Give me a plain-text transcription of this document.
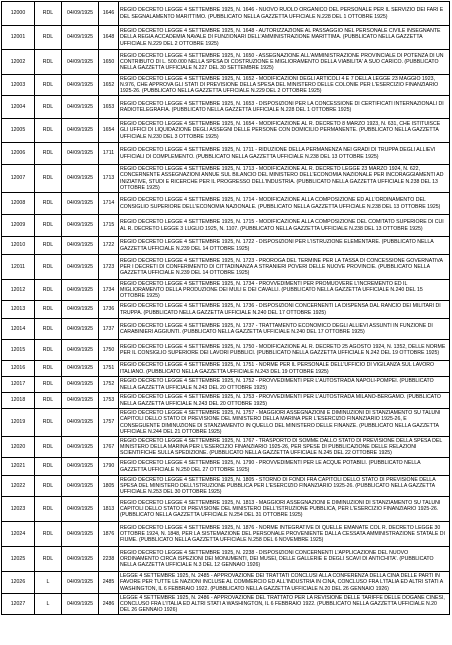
12000	RDL	04/09/1925	1646	REGIO DECRETO LEGGE 4 SETTEMBRE 1925, N. 1646 - NUOVO RUOLO ORGANICO DEL PERSONALE PER IL SERVIZIO DEI FARI E DEL SEGNALAMENTO MARITTIMO. (PUBBLICATO NELLA GAZZETTA UFFICIALE N.228 DEL 1 OTTOBRE 1925)
12001	RDL	04/09/1925	1648	REGIO DECRETO LEGGE 4 SETTEMBRE 1925, N. 1648 - AUTORIZZAZIONE AL PASSAGGIO NEL PERSONALE CIVILE INSEGNANTE DELLA REGIA ACCADEMIA NAVALE DI FUNZIONARI DELL'AMMINISTRAZIONE MARITTIMA. (PUBBLICATO NELLA GAZZETTA UFFICIALE N.229 DEL 2 OTTOBRE 1925)
12002	RDL	04/09/1925	1650	REGIO DECRETO LEGGE 4 SETTEMBRE 1925, N. 1650 - ASSEGNAZIONE ALL'AMMINISTRAZIONE PROVINCIALE DI POTENZA DI UN CONTRIBUTO DI L. 500.000 NELLA SPESA DI COSTRUZIONE E MIGLIORAMENTO DELLA VIABILITA' A SUO CARICO. (PUBBLICATO NELLA GAZZETTA UFFICIALE N.227 DEL 30 SETTEMBRE 1925)
12003	RDL	04/09/1925	1652	REGIO DECRETO LEGGE 4 SETTEMBRE 1925, N. 1652 - MODIFICAZIONI DEGLI ARTICOLI 4 E 7 DELLA LEGGE 23 MAGGIO 1923, N.976, CHE APPROVA GLI STATI DI PREVISIONE DELLA SPESA DEL MINISTERO DELLE COLONIE PER L'ESERCIZIO FINANZIARIO 1925-26. (PUBBLICATO NELLA GAZZETTA UFFICIALE N.229 DEL 2 OTTOBRE 1925)
12004	RDL	04/09/1925	1653	REGIO DECRETO LEGGE 4 SETTEMBRE 1925, N. 1653 - DISPOSIZIONI PER LA CONCESSIONE DI CERTIFICATI INTERNAZIONALI DI RADIOTELEGRAFIA. (PUBBLICATO NELLA GAZZETTA UFFICIALE N.228 DEL 1 OTTOBRE 1925)
12005	RDL	04/09/1925	1654	REGIO DECRETO LEGGE 4 SETTEMBRE 1925, N. 1654 - MODIFICAZIONE AL R. DECRETO 8 MARZO 1923, N. 631, CHE ISTITUISCE GLI UFFICI DI LIQUIDAZIONE DEGLI ASSEGNI DELLE PERSONE CON DOMICILIO PERMANENTE. (PUBBLICATO NELLA GAZZETTA UFFICIALE N.230 DEL 3 OTTOBRE 1925)
12006	RDL	04/09/1925	1711	REGIO DECRETO LEGGE 4 SETTEMBRE 1925, N. 1711 - RIDUZIONE DELLA PERMANENZA NEI GRADI DI TRUPPA DEGLI ALLIEVI UFFICIALI DI COMPLEMENTO. (PUBBLICATO NELLA GAZZETTA UFFICIALE N.238 DEL 13 OTTOBRE 1925)
12007	RDL	04/09/1925	1713	REGIO DECRETO LEGGE 4 SETTEMBRE 1925, N. 1713 - MODIFICAZIONE AL R. DECRETO LEGGE 23 MARZO 1924, N. 622, CONCERNENTE ASSEGNAZIONI ANNUE SUL BILANCIO DEL MINISTERO DELL'ECONOMIA NAZIONALE PER INCORAGGIAMENTI AD INIZIATIVE, STUDI E RICERCHE PER IL PROGRESSO DELL'INDUSTRIA. (PUBBLICATO NELLA GAZZETTA UFFICIALE N.238 DEL 13 OTTOBRE 1925)
12008	RDL	04/09/1925	1714	REGIO DECRETO LEGGE 4 SETTEMBRE 1925, N. 1714 - MODIFICAZIONE ALLA COMPOSIZIONE ED ALL'ORDINAMENTO DEL CONSIGLIO SUPERIORE DELL'ECONOMIA NAZIONALE. (PUBBLICATO NELLA GAZZETTA UFFICIALE N.238 DEL 13 OTTOBRE 1925)
12009	RDL	04/09/1925	1715	REGIO DECRETO LEGGE 4 SETTEMBRE 1925, N. 1715 - MODIFICAZIONE ALLA COMPOSIZIONE DEL COMITATO SUPERIORE DI CUI AL R. DECRETO LEGGE 3 LUGLIO 1925, N. 1107. (PUBBLICATO NELLA GAZZETTA UFFICIALE N.238 DEL 13 OTTOBRE 1925)
12010	RDL	04/09/1925	1722	REGIO DECRETO LEGGE 4 SETTEMBRE 1925, N. 1722 - DISPOSIZIONI PER L'ISTRUZIONE ELEMENTARE. (PUBBLICATO NELLA GAZZETTA UFFICIALE N.239 DEL 14 OTTOBRE 1925)
12011	RDL	04/09/1925	1723	REGIO DECRETO LEGGE 4 SETTEMBRE 1925, N. 1723 - PROROGA DEL TERMINE PER LA TASSA DI CONCESSIONE GOVERNATIVA PER I DECRETI DI CONFERIMENTO DI CITTADINANZA A STRANIERI POVERI DELLE NUOVE PROVINCIE. (PUBBLICATO NELLA GAZZETTA UFFICIALE N.239 DEL 14 OTTOBRE 1925)
12012	RDL	04/09/1925	1734	REGIO DECRETO LEGGE 4 SETTEMBRE 1925, N. 1734 - PROVVEDIMENTI PER PROMUOVERE L'INCREMENTO ED IL MIGLIORAMENTO DELLA PRODUZIONE DEI MULI E DEI CAVALLI. (PUBBLICATO NELLA GAZZETTA UFFICIALE N.240 DEL 15 OTTOBRE 1925)
12013	RDL	04/09/1925	1736	REGIO DECRETO LEGGE 4 SETTEMBRE 1925, N. 1736 - DISPOSIZIONI CONCERNENTI LA DISPENSA DAL RANCIO DEI MILITARI DI TRUPPA. (PUBBLICATO NELLA GAZZETTA UFFICIALE N.240 DEL 17 OTTOBRE 1925)
12014	RDL	04/09/1925	1737	REGIO DECRETO LEGGE 4 SETTEMBRE 1925, N. 1737 - TRATTAMENTO ECONOMICO DEGLI ALLIEVI ASSUNTI IN FUNZIONE DI CARABINIERI AGGIUNTI. (PUBBLICATO NELLA GAZZETTA UFFICIALE N.240 DEL 17 OTTOBRE 1925)
12015	RDL	04/09/1925	1750	REGIO DECRETO LEGGE 4 SETTEMBRE 1925, N. 1750 - MODIFICAZIONE AL R. DECRETO 25 AGOSTO 1924, N. 1352, DELLE NORME PER IL CONSIGLIO SUPERIORE DEI LAVORI PUBBLICI. (PUBBLICATO NELLA GAZZETTA UFFICIALE N.242 DEL 19 OTTOBRE 1925)
12016	RDL	04/09/1925	1751	REGIO DECRETO LEGGE 4 SETTEMBRE 1925, N. 1751 - NORME PER IL PERSONALE DELL'UFFICIO DI VIGILANZA SUL LAVORO ITALIANO. (PUBBLICATO NELLA GAZZETTA UFFICIALE N.243 DEL 19 OTTOBRE 1925)
12017	RDL	04/09/1925	1752	REGIO DECRETO LEGGE 4 SETTEMBRE 1925, N. 1752 - PROVVEDIMENTI PER L'AUTOSTRADA NAPOLI-POMPEI. (PUBBLICATO NELLA GAZZETTA UFFICIALE N.243 DEL 20 OTTOBRE 1925)
12018	RDL	04/09/1925	1753	REGIO DECRETO LEGGE 4 SETTEMBRE 1925, N. 1753 - PROVVEDIMENTI PER L'AUTOSTRADA MILANO-BERGAMO. (PUBBLICATO NELLA GAZZETTA UFFICIALE N.243 DEL 20 OTTOBRE 1925)
12019	RDL	04/09/1925	1757	REGIO DECRETO LEGGE 4 SETTEMBRE 1925, N. 1757 - MAGGIORI ASSEGNAZIONI E DIMINUZIONI DI STANZIAMENTO SU TALUNI CAPITOLI DELLO STATO DI PREVISIONE DEL MINISTERO DELLA MARINA PER L'ESERCIZIO FINANZIARIO 1925-26, E CONSEGUENTE DIMINUZIONE DI STANZIAMENTO IN QUELLO DEL MINISTERO DELLE FINANZE. (PUBBLICATO NELLA GAZZETTA UFFICIALE N.244 DEL 21 OTTOBRE 1925)
12020	RDL	04/09/1925	1767	REGIO DECRETO LEGGE 4 SETTEMBRE 1925, N. 1767 - TRASPORTO DI SOMME DALLO STATO DI PREVISIONE DELLA SPESA DEL MINISTERO DELLA MARINA PER L'ESERCIZIO FINANZIARIO 1925-26, PER SPESE DI PUBBLICAZIONE DELLE RELAZIONI SCIENTIFICHE SULLA SPEDIZIONE. (PUBBLICATO NELLA GAZZETTA UFFICIALE N.245 DEL 22 OTTOBRE 1925)
12021	RDL	04/09/1925	1790	REGIO DECRETO LEGGE 4 SETTEMBRE 1925, N. 1790 - PROVVEDIMENTI PER LE ACQUE POTABILI. (PUBBLICATO NELLA GAZZETTA UFFICIALE N.250 DEL 27 OTTOBRE 1925)
12022	RDL	04/09/1925	1805	REGIO DECRETO LEGGE 4 SETTEMBRE 1925, N. 1805 - STORNO DI FONDI FRA CAPITOLI DELLO STATO DI PREVISIONE DELLA SPESA DEL MINISTERO DELL'ISTRUZIONE PUBBLICA PER L'ESERCIZIO FINANZIARIO 1925-26. (PUBBLICATO NELLA GAZZETTA UFFICIALE N.253 DEL 30 OTTOBRE 1925)
12023	RDL	04/09/1925	1813	REGIO DECRETO LEGGE 4 SETTEMBRE 1925, N. 1813 - MAGGIORI ASSEGNAZIONI E DIMINUZIONI DI STANZIAMENTO SU TALUNI CAPITOLI DELLO STATO DI PREVISIONE DEL MINISTERO DELL'ISTRUZIONE PUBBLICA, PER L'ESERCIZIO FINANZIARIO 1925-26. (PUBBLICATO NELLA GAZZETTA UFFICIALE N.254 DEL 31 OTTOBRE 1925)
12024	RDL	04/09/1925	1876	REGIO DECRETO LEGGE 4 SETTEMBRE 1925, N. 1876 - NORME INTEGRATIVE DI QUELLE EMANATE COL R. DECRETO LEGGE 30 OTTOBRE 1924, N. 1848, PER LA SISTEMAZIONE DEL PERSONALE PROVENIENTE DALLA CESSATA AMMINISTRAZIONE STATALE DI FIUME. (PUBBLICATO NELLA GAZZETTA UFFICIALE N.258 DEL 6 NOVEMBRE 1925)
12025	RDL	04/09/1925	2238	REGIO DECRETO LEGGE 4 SETTEMBRE 1925, N. 2238 - DISPOSIZIONI CONCERNENTI L'APPLICAZIONE DEL NUOVO ORDINAMENTO CIRCA ISPEZIONI DEI MONUMENTI, DEI MUSEI, DELLE GALLERIE E DEGLI SCAVI DI ANTICHITA'. (PUBBLICATO NELLA GAZZETTA UFFICIALE N.3 DEL 12 GENNAIO 1926)
12026	L	04/09/1925	2485	LEGGE 4 SETTEMBRE 1925, N. 2485 - APPROVAZIONE DEI TRATTATI CONCLUSI ALLA CONFERENZA DELLA CINA DELLE PARTI IN FAVORE PER TUTTE LE NAZIONI INCLUSE AL COMMERCIO ED ALL'INDUSTRIA IN CINA, CONCLUSO FRA L'ITALIA ED ALTRI STATI A WASHINGTON, IL 6 FEBBRAIO 1922. (PUBBLICATO NELLA GAZZETTA UFFICIALE N.20 DEL 26 GENNAIO 1926)
12027	L	04/09/1925	2486	LEGGE 4 SETTEMBRE 1925, N. 2486 - APPROVAZIONE DEL TRATTATO PER LA REVISIONE DELLE TARIFFE DELLE DOGANE CINESI, CONCLUSO FRA L'ITALIA ED ALTRI STATI A WASHINGTON, IL 6 FEBBRAIO 1922. (PUBBLICATO NELLA GAZZETTA UFFICIALE N.20 DEL 26 GENNAIO 1926)
